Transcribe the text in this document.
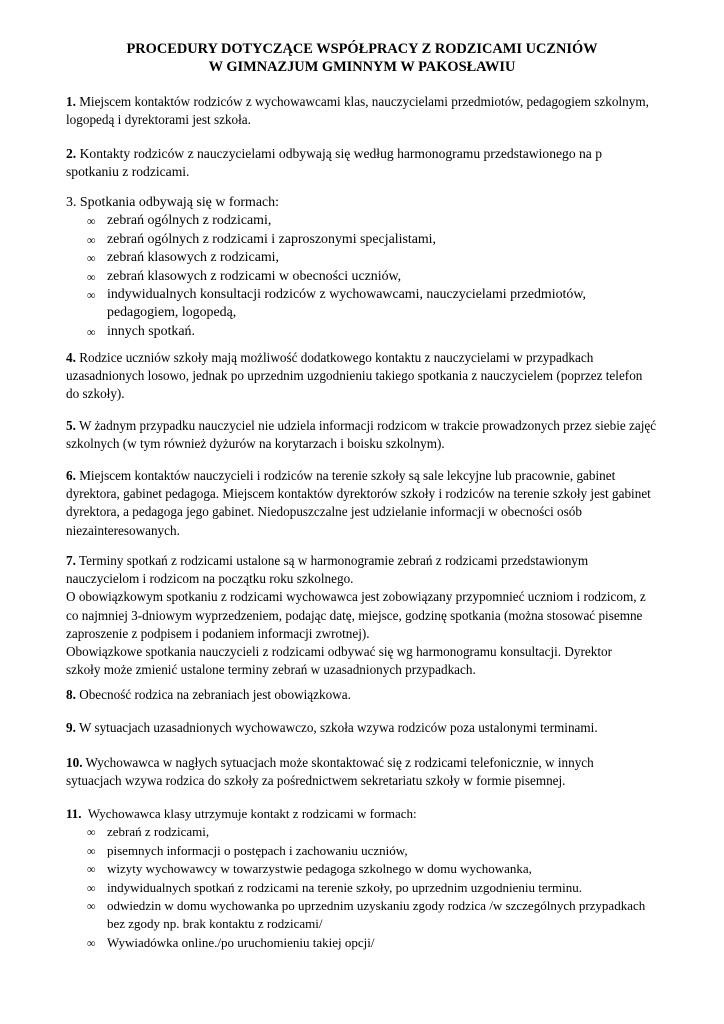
PROCEDURY DOTYCZĄCE WSPÓŁPRACY Z RODZICAMI UCZNIÓW
W GIMNAZJUM GMINNYM W PAKOSŁAWIU
1. Miejscem kontaktów rodziców z wychowawcami klas, nauczycielami przedmiotów, pedagogiem szkolnym,
logopedą i dyrektorami jest szkoła.
2. Kontakty rodziców z nauczycielami odbywają się według harmonogramu przedstawionego na p
spotkaniu z rodzicami.
3. Spotkania odbywają się w formach:
∞ zebrań ogólnych z rodzicami,
∞ zebrań ogólnych z rodzicami i zaproszonymi specjalistami,
∞ zebrań klasowych z rodzicami,
∞ zebrań klasowych z rodzicami w obecności uczniów,
∞ indywidualnych konsultacji rodziców z wychowawcami, nauczycielami przedmiotów,
pedagogiem, logopedą,
∞ innych spotkań.
4. Rodzice uczniów szkoły mają możliwość dodatkowego kontaktu z nauczycielami w przypadkach
uzasadnionych losowo, jednak po uprzednim uzgodnieniu takiego spotkania z nauczycielem (poprzez telefon
do szkoły).
5. W żadnym przypadku nauczyciel nie udziela informacji rodzicom w trakcie prowadzonych przez siebie zajęć
szkolnych (w tym również dyżurów na korytarzach i boisku szkolnym).
6. Miejscem kontaktów nauczycieli i rodziców na terenie szkoły są sale lekcyjne lub pracownie, gabinet
dyrektora, gabinet pedagoga. Miejscem kontaktów dyrektorów szkoły i rodziców na terenie szkoły jest gabinet
dyrektora, a pedagoga jego gabinet. Niedopuszczalne jest udzielanie informacji w obecności osób
niezainteresowanych.
7. Terminy spotkań z rodzicami ustalone są w harmonogramie zebrań z rodzicami przedstawionym
nauczycielom i rodzicom na początku roku szkolnego.
O obowiązkowym spotkaniu z rodzicami wychowawca jest zobowiązany przypomnieć uczniom i rodzicom, z
co najmniej 3-dniowym wyprzedzeniem, podając datę, miejsce, godzinę spotkania (można stosować pisemne
zaproszenie z podpisem i podaniem informacji zwrotnej).
Obowiązkowe spotkania nauczycieli z rodzicami odbywać się wg harmonogramu konsultacji. Dyrektor
szkoły może zmienić ustalone terminy zebrań w uzasadnionych przypadkach.
8. Obecność rodzica na zebraniach jest obowiązkowa.
9. W sytuacjach uzasadnionych wychowawczo, szkoła wzywa rodziców poza ustalonymi terminami.
10. Wychowawca w nagłych sytuacjach może skontaktować się z rodzicami telefonicznie, w innych
sytuacjach wzywa rodzica do szkoły za pośrednictwem sekretariatu szkoły w formie pisemnej.
11. Wychowawca klasy utrzymuje kontakt z rodzicami w formach:
∞ zebrań z rodzicami,
∞ pisemnych informacji o postępach i zachowaniu uczniów,
∞ wizyty wychowawcy w towarzystwie pedagoga szkolnego w domu wychowanka,
∞ indywidualnych spotkań z rodzicami na terenie szkoły, po uprzednim uzgodnieniu terminu.
∞ odwiedzin w domu wychowanka po uprzednim uzyskaniu zgody rodzica /w szczególnych przypadkach
bez zgody np. brak kontaktu z rodzicami/
∞ Wywiadówka online./po uruchomieniu takiej opcji/
